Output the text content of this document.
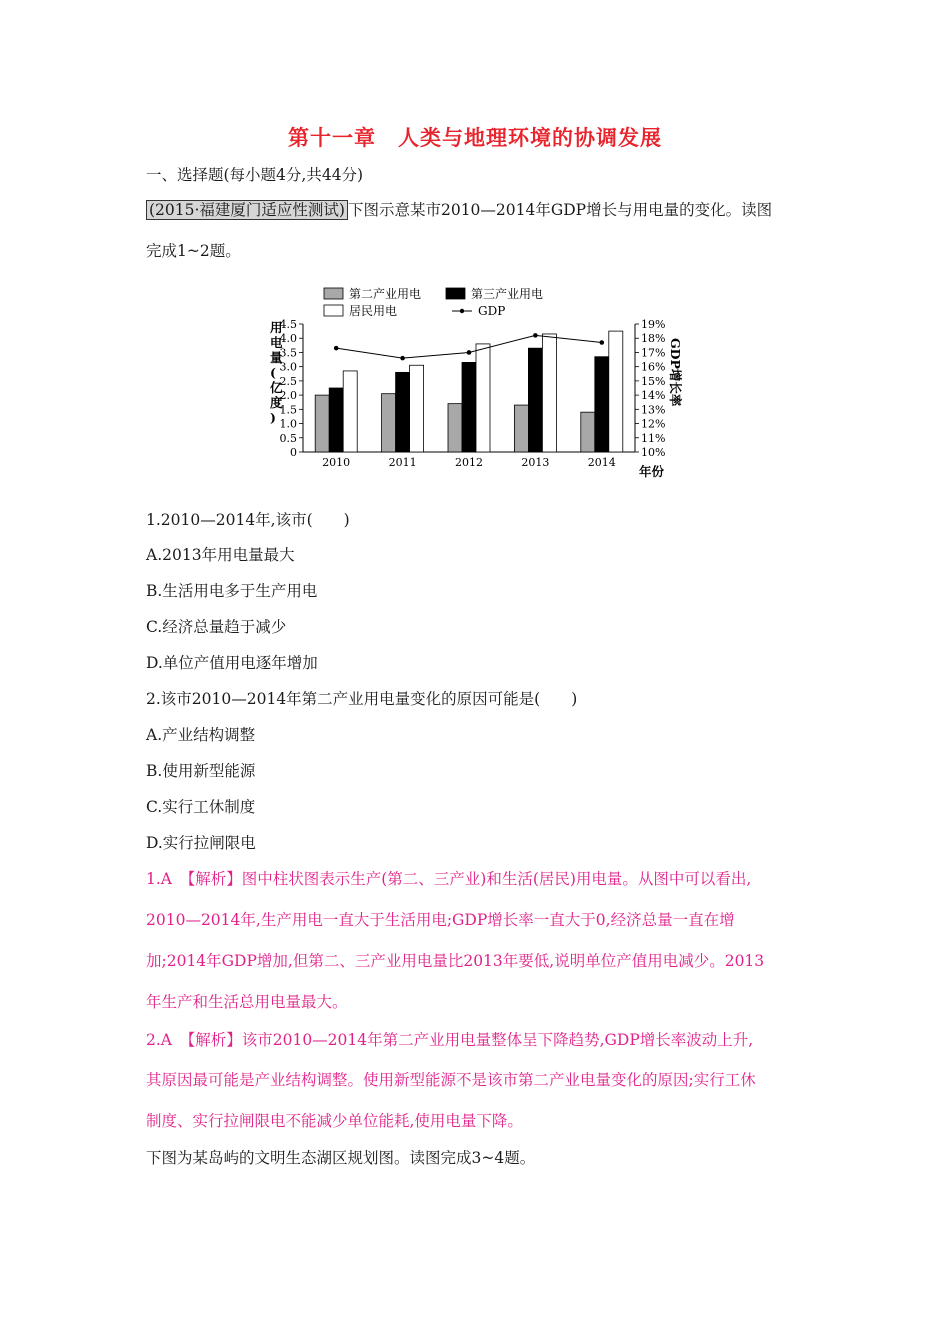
第十一章　人类与地理环境的协调发展
一、选择题(每小题4分,共44分)
(2015·福建厦门适应性测试) 下图示意某市2010—2014年GDP增长与用电量的变化。读图
完成1~2题。
第二产业用电	第三产业用电
居民用电	GDP
0
0.5
1.0
1.5
2.0
2.5
3.0
3.5
4.0
4.5
10%
11%
12%
13%
14%
15%
16%
17%
18%
19%
用电量(亿度)
GDP增长率
年份
2010	2011	2012	2013	2014
1.2010—2014年,该市(　　)
A.2013年用电量最大
B.生活用电多于生产用电
C.经济总量趋于减少
D.单位产值用电逐年增加
2.该市2010—2014年第二产业用电量变化的原因可能是(　　)
A.产业结构调整
B.使用新型能源
C.实行工休制度
D.实行拉闸限电
1.A　【解析】图中柱状图表示生产(第二、三产业)和生活(居民)用电量。从图中可以看出,
2010—2014年,生产用电一直大于生活用电;GDP增长率一直大于0,经济总量一直在增
加;2014年GDP增加,但第二、三产业用电量比2013年要低,说明单位产值用电减少。2013
年生产和生活总用电量最大。
2.A　【解析】该市2010—2014年第二产业用电量整体呈下降趋势,GDP增长率波动上升,
其原因最可能是产业结构调整。使用新型能源不是该市第二产业电量变化的原因;实行工休
制度、实行拉闸限电不能减少单位能耗,使用电量下降。
下图为某岛屿的文明生态湖区规划图。读图完成3~4题。
